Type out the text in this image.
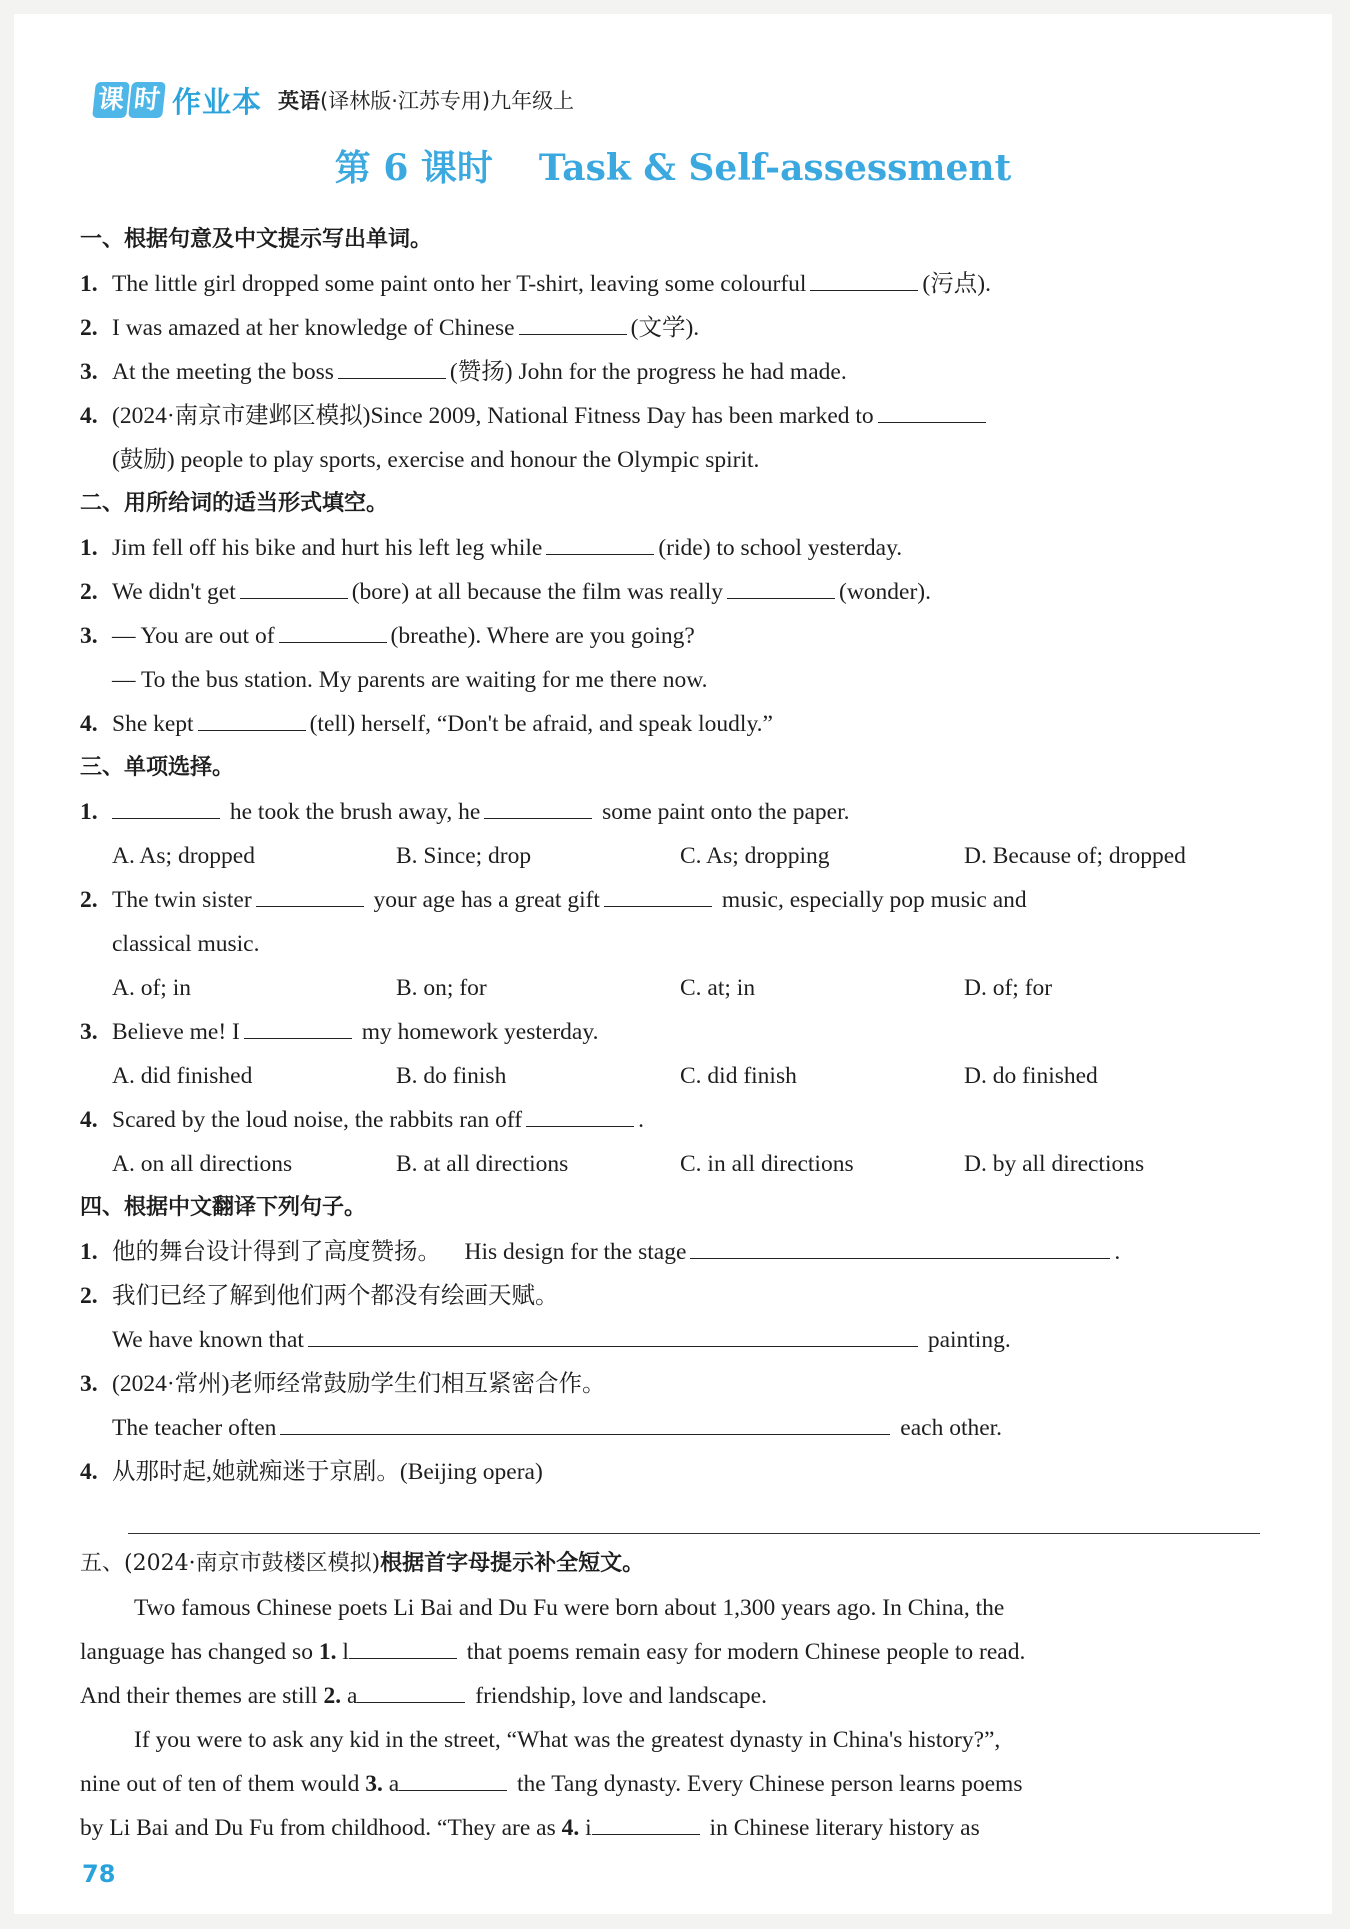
课 时 作业本 英语(译林版·江苏专用)九年级上
第 6 课时 Task & Self-assessment
一、根据句意及中文提示写出单词。
1. The little girl dropped some paint onto her T-shirt, leaving some colourful	(污点).
2. I was amazed at her knowledge of Chinese	(文学).
3. At the meeting the boss	(赞扬) John for the progress he had made.
4. (2024·南京市建邺区模拟)Since 2009, National Fitness Day has been marked to
(鼓励) people to play sports, exercise and honour the Olympic spirit.
二、用所给词的适当形式填空。
1. Jim fell off his bike and hurt his left leg while	(ride) to school yesterday.
2. We didn't get	(bore) at all because the film was really	(wonder).
3. — You are out of	(breathe). Where are you going?
— To the bus station. My parents are waiting for me there now.
4. She kept	(tell) herself, “Don't be afraid, and speak loudly.”
三、单项选择。
1.	he took the brush away, he	some paint onto the paper.
A. As; dropped	B. Since; drop	C. As; dropping	D. Because of; dropped
2. The twin sister	your age has a great gift	music, especially pop music and
classical music.
A. of; in	B. on; for	C. at; in	D. of; for
3. Believe me! I	my homework yesterday.
A. did finished	B. do finish	C. did finish	D. do finished
4. Scared by the loud noise, the rabbits ran off	.
A. on all directions	B. at all directions	C. in all directions	D. by all directions
四、根据中文翻译下列句子。
1. 他的舞台设计得到了高度赞扬。 His design for the stage	.
2. 我们已经了解到他们两个都没有绘画天赋。
We have known that	painting.
3. (2024·常州)老师经常鼓励学生们相互紧密合作。
The teacher often	each other.
4. 从那时起,她就痴迷于京剧。(Beijing opera)
五、(2024·南京市鼓楼区模拟)根据首字母提示补全短文。
Two famous Chinese poets Li Bai and Du Fu were born about 1,300 years ago. In China, the
language has changed so 1. l	that poems remain easy for modern Chinese people to read.
And their themes are still 2. a	friendship, love and landscape.
If you were to ask any kid in the street, “What was the greatest dynasty in China's history?”,
nine out of ten of them would 3. a	the Tang dynasty. Every Chinese person learns poems
by Li Bai and Du Fu from childhood. “They are as 4. i	in Chinese literary history as
78
